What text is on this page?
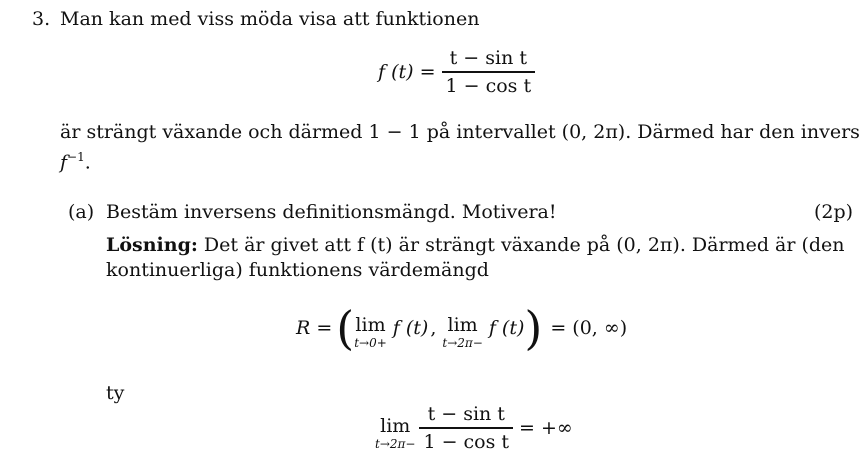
3. Man kan med viss möda visa att funktionen
f $(t) = \frac{\text{t − sin t}}{\text{1 − cos t}}$
är strängt växande och därmed 1 − 1 på intervallet (0, 2π). Därmed har den invers
$f^{-1}$.
(a) Bestäm inversens definitionsmängd. Motivera!	(2p)
Lösning: Det är givet att f (t) är strängt växande på (0, 2π). Därmed är (den
kontinuerliga) funktionens värdemängd
R = ( lim
t→0+
f (t) , lim
t→2π−
f (t) ) = (0, ∞)
ty
lim
$t\to 2\pi- \frac{\text{t − sin t}}{\text{1 − cos t}}$ = +∞
